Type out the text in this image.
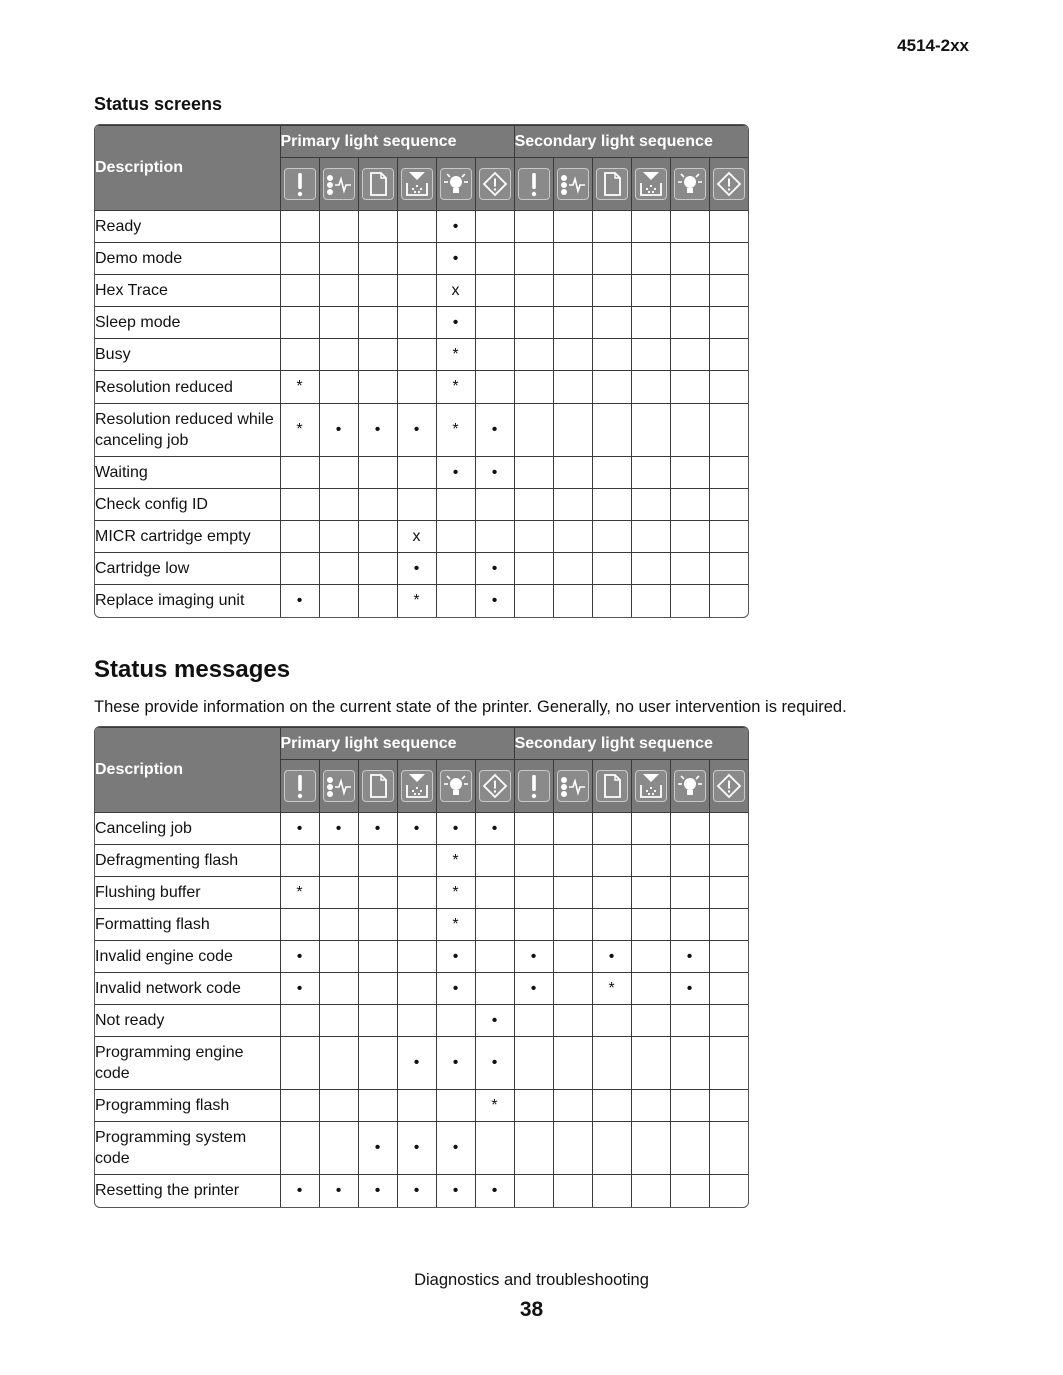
4514-2xx
Status screens
Description	Primary light sequence						Secondary light sequence					

Ready					•							
Demo mode					•							
Hex Trace					x							
Sleep mode					•							
Busy					*							
Resolution reduced	*				*							
Resolution reduced while canceling job	*	•	•	•	*	•						
Waiting					•	•						
Check config ID												
MICR cartridge empty				x								
Cartridge low				•		•						
Replace imaging unit	•			*		•						
Status messages

These provide information on the current state of the printer. Generally, no user intervention is required.

Description	Primary light sequence						Secondary light sequence					

Canceling job	•	•	•	•	•	•						
Defragmenting flash					*							
Flushing buffer	*				*							
Formatting flash					*							
Invalid engine code	•				•		•		•		•	
Invalid network code	•				•		•		*		•	
Not ready						•						
Programming engine code				•	•	•						
Programming flash						*						
Programming system code			•	•	•							
Resetting the printer	•	•	•	•	•	•						
Diagnostics and troubleshooting
38
